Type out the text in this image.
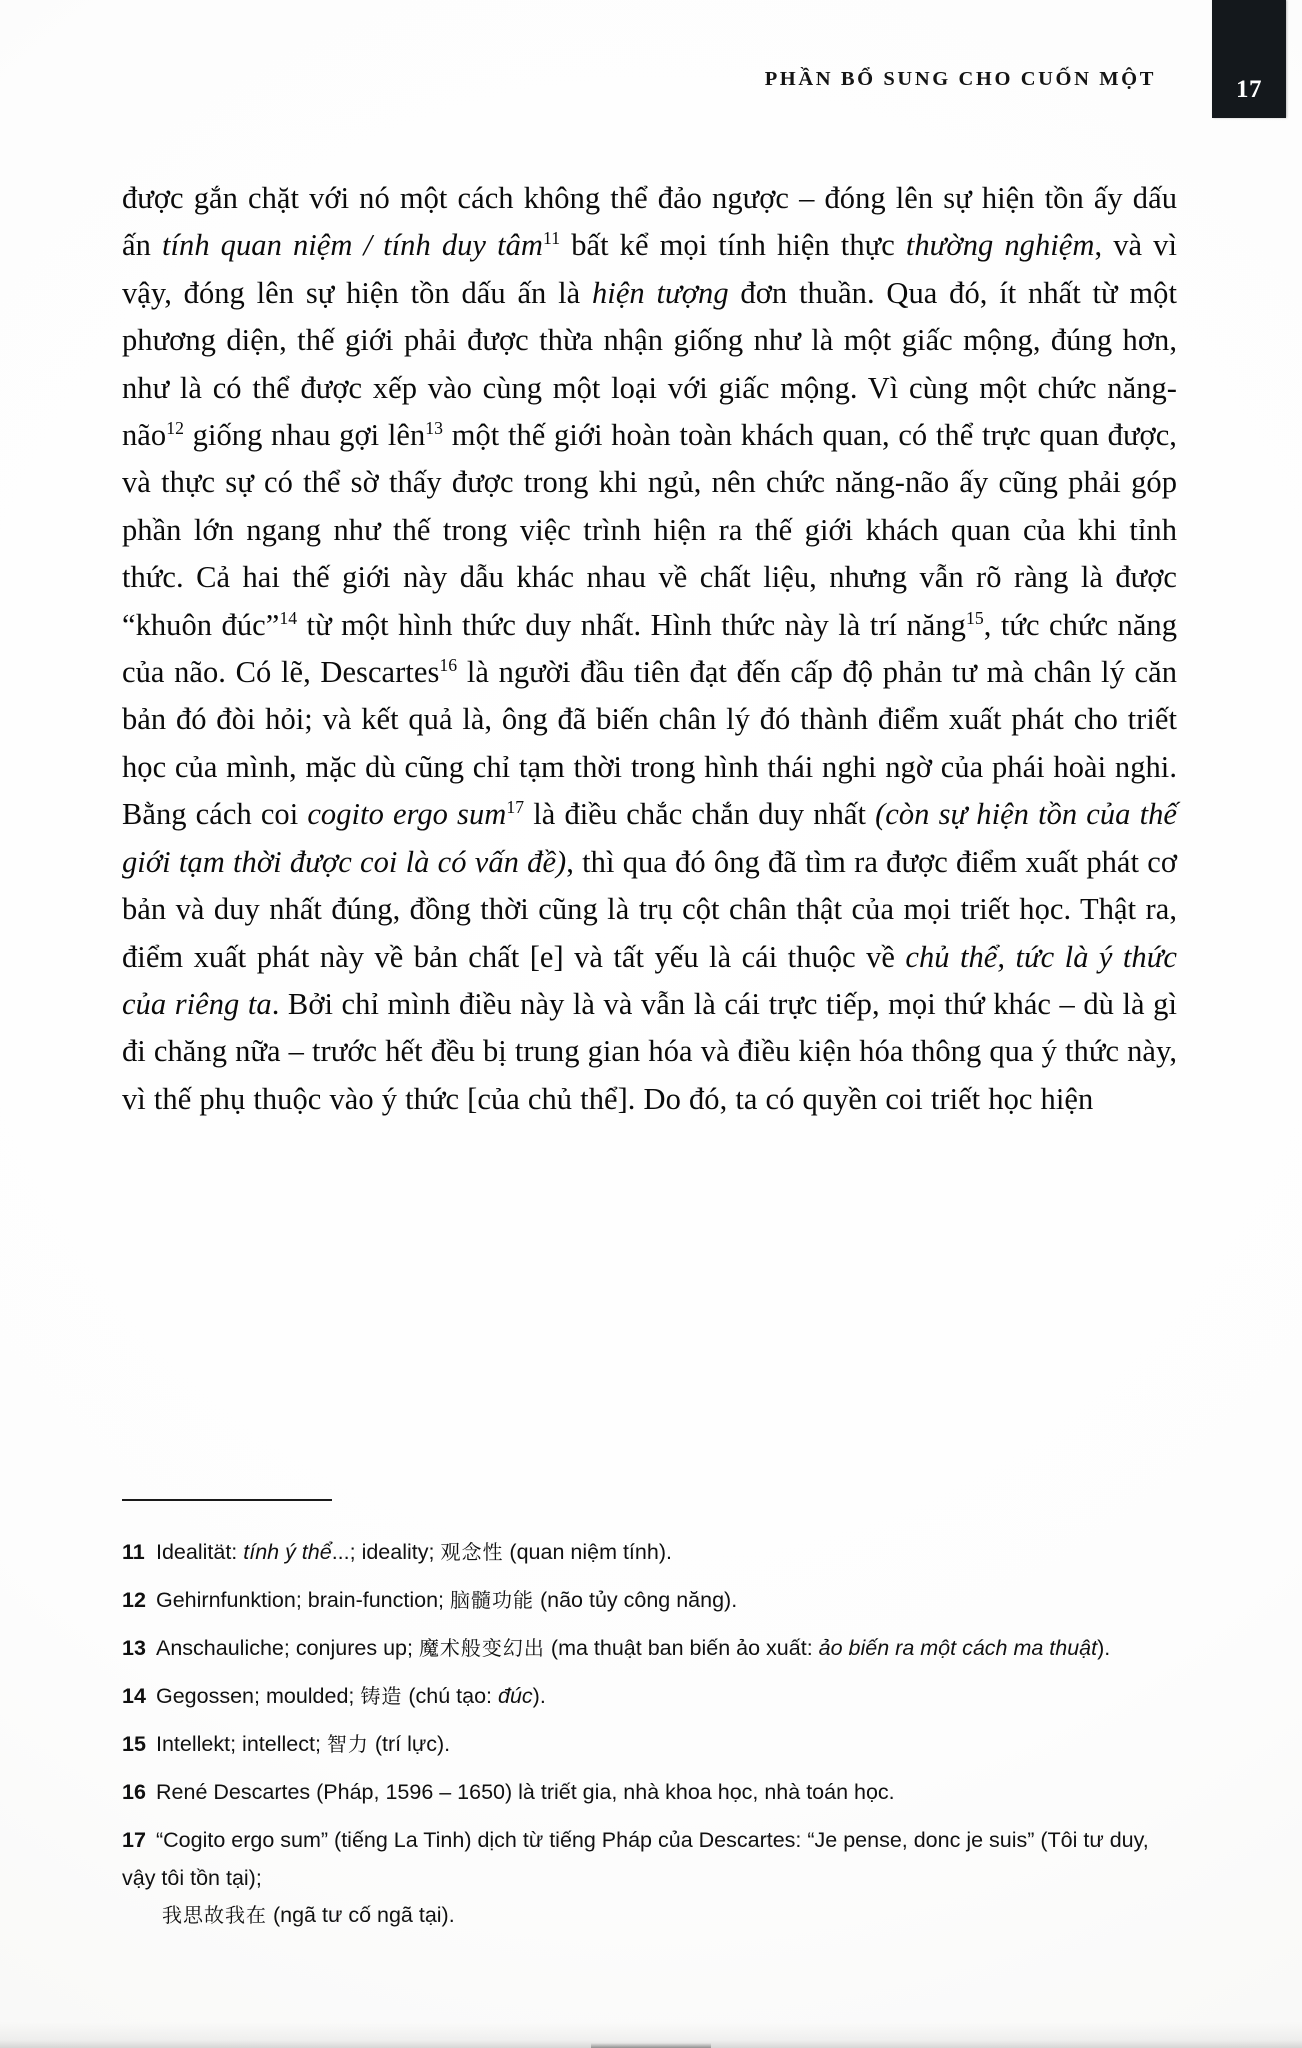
PHẦN BỔ SUNG CHO CUỐN MỘT	17

được gắn chặt với nó một cách không thể đảo ngược – đóng lên sự hiện tồn ấy dấu ấn tính quan niệm / tính duy tâm$^{11}$ bất kể mọi tính hiện thực thường nghiệm, và vì vậy, đóng lên sự hiện tồn dấu ấn là hiện tượng đơn thuần. Qua đó, ít nhất từ một phương diện, thế giới phải được thừa nhận giống như là một giấc mộng, đúng hơn, như là có thể được xếp vào cùng một loại với giấc mộng. Vì cùng một chức năng-não$^{12}$ giống nhau gợi lên$^{13}$ một thế giới hoàn toàn khách quan, có thể trực quan được, và thực sự có thể sờ thấy được trong khi ngủ, nên chức năng-não ấy cũng phải góp phần lớn ngang như thế trong việc trình hiện ra thế giới khách quan của khi tỉnh thức. Cả hai thế giới này dẫu khác nhau về chất liệu, nhưng vẫn rõ ràng là được “khuôn đúc”$^{14}$ từ một hình thức duy nhất. Hình thức này là trí năng$^{15}$, tức chức năng của não. Có lẽ, Descartes$^{16}$ là người đầu tiên đạt đến cấp độ phản tư mà chân lý căn bản đó đòi hỏi; và kết quả là, ông đã biến chân lý đó thành điểm xuất phát cho triết học của mình, mặc dù cũng chỉ tạm thời trong hình thái nghi ngờ của phái hoài nghi. Bằng cách coi cogito ergo sum$^{17}$ là điều chắc chắn duy nhất (còn sự hiện tồn của thế giới tạm thời được coi là có vấn đề), thì qua đó ông đã tìm ra được điểm xuất phát cơ bản và duy nhất đúng, đồng thời cũng là trụ cột chân thật của mọi triết học. Thật ra, điểm xuất phát này về bản chất [e] và tất yếu là cái thuộc về chủ thể, tức là ý thức của riêng ta. Bởi chỉ mình điều này là và vẫn là cái trực tiếp, mọi thứ khác – dù là gì đi chăng nữa – trước hết đều bị trung gian hóa và điều kiện hóa thông qua ý thức này, vì thế phụ thuộc vào ý thức [của chủ thể]. Do đó, ta có quyền coi triết học hiện

11 Idealität: tính ý thể...; ideality; 观念性 (quan niệm tính).

12 Gehirnfunktion; brain-function; 脑髓功能 (não tủy công năng).

13 Anschauliche; conjures up; 魔术般变幻出 (ma thuật ban biến ảo xuất: ảo biến ra một cách ma thuật).

14 Gegossen; moulded; 铸造 (chú tạo: đúc).

15 Intellekt; intellect; 智力 (trí lực).

16 René Descartes (Pháp, 1596 – 1650) là triết gia, nhà khoa học, nhà toán học.

17 “Cogito ergo sum” (tiếng La Tinh) dịch từ tiếng Pháp của Descartes: “Je pense, donc je suis” (Tôi tư duy, vậy tôi tồn tại);
我思故我在 (ngã tư cố ngã tại).
